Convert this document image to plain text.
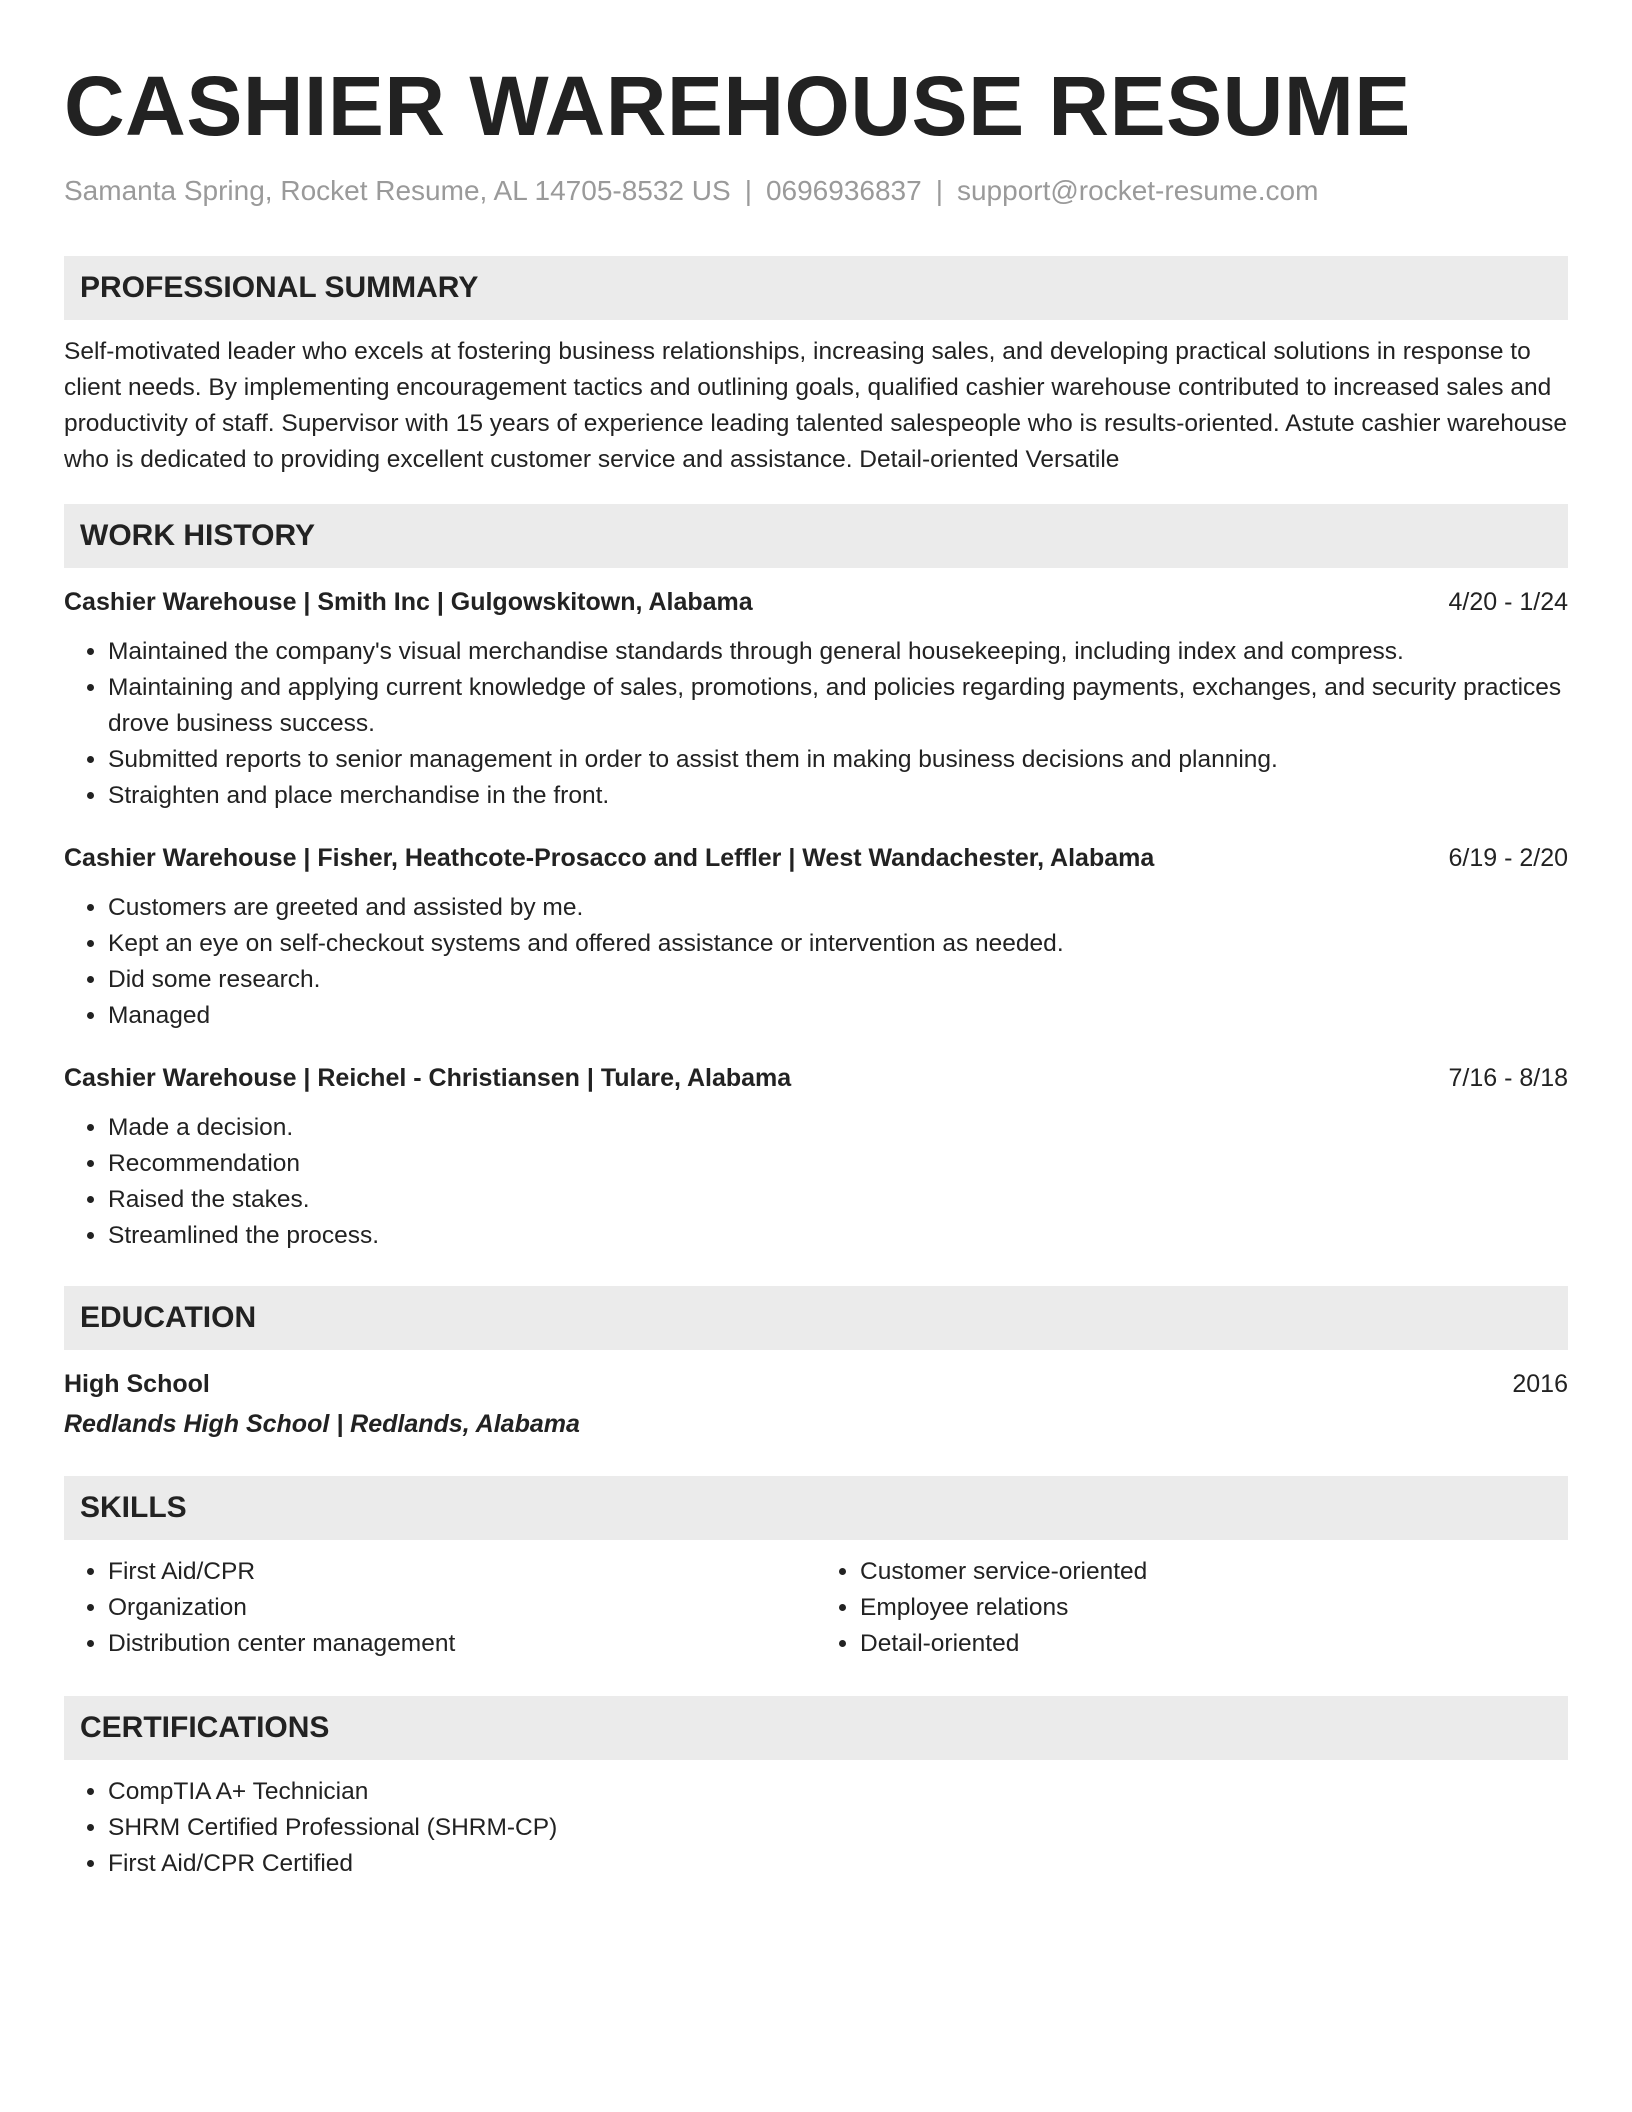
CASHIER WAREHOUSE RESUME
Samanta Spring, Rocket Resume, AL 14705-8532 US | 0696936837 | support@rocket-resume.com
PROFESSIONAL SUMMARY

Self-motivated leader who excels at fostering business relationships, increasing sales, and developing practical solutions in response to client needs. By implementing encouragement tactics and outlining goals, qualified cashier warehouse contributed to increased sales and productivity of staff. Supervisor with 15 years of experience leading talented salespeople who is results-oriented. Astute cashier warehouse who is dedicated to providing excellent customer service and assistance. Detail-oriented Versatile

WORK HISTORY
Cashier Warehouse | Smith Inc | Gulgowskitown, Alabama	4/20 - 1/24
• Maintained the company's visual merchandise standards through general housekeeping, including index and compress.
• Maintaining and applying current knowledge of sales, promotions, and policies regarding payments, exchanges, and security practices drove business success.
• Submitted reports to senior management in order to assist them in making business decisions and planning.
• Straighten and place merchandise in the front.
Cashier Warehouse | Fisher, Heathcote-Prosacco and Leffler | West Wandachester, Alabama	6/19 - 2/20
• Customers are greeted and assisted by me.
• Kept an eye on self-checkout systems and offered assistance or intervention as needed.
• Did some research.
• Managed
Cashier Warehouse | Reichel - Christiansen | Tulare, Alabama	7/16 - 8/18
• Made a decision.
• Recommendation
• Raised the stakes.
• Streamlined the process.
EDUCATION
High School	2016
Redlands High School | Redlands, Alabama
SKILLS
• First Aid/CPR
• Organization
• Distribution center management
• Customer service-oriented
• Employee relations
• Detail-oriented
CERTIFICATIONS
• CompTIA A+ Technician
• SHRM Certified Professional (SHRM-CP)
• First Aid/CPR Certified
